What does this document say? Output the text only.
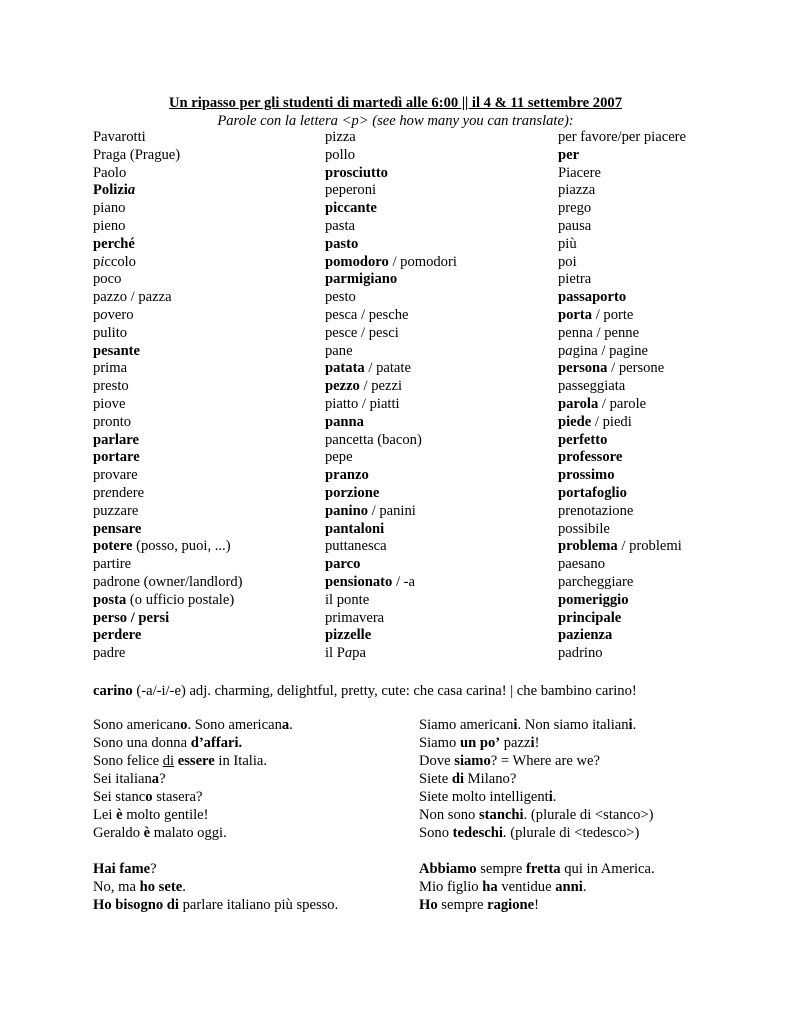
Un ripasso per gli studenti di martedì alle 6:00 || il 4 & 11 settembre 2007
Parole con la lettera <p> (see how many you can translate):
Pavarotti
Praga (Prague)
Paolo
Polizia
piano
pieno
perché
piccolo
poco
pazzo / pazza
povero
pulito
pesante
prima
presto
piove
pronto
parlare
portare
provare
prendere
puzzare
pensare
potere (posso, puoi, ...)
partire
padrone (owner/landlord)
posta (o ufficio postale)
perso / persi
perdere
padre
pizza
pollo
prosciutto
peperoni
piccante
pasta
pasto
pomodoro / pomodori
parmigiano
pesto
pesca / pesche
pesce / pesci
pane
patata / patate
pezzo / pezzi
piatto / piatti
panna
pancetta (bacon)
pepe
pranzo
porzione
panino / panini
pantaloni
puttanesca
parco
pensionato / -a
il ponte
primavera
pizzelle
il Papa
per favore/per piacere
per
Piacere
piazza
prego
pausa
più
poi
pietra
passaporto
porta / porte
penna / penne
pagina / pagine
persona / persone
passeggiata
parola / parole
piede / piedi
perfetto
professore
prossimo
portafoglio
prenotazione
possibile
problema / problemi
paesano
parcheggiare
pomeriggio
principale
pazienza
padrino
carino (-a/-i/-e) adj. charming, delightful, pretty, cute: che casa carina! | che bambino carino!
Sono americano. Sono americana.
Sono una donna d’affari.
Sono felice di essere in Italia.
Sei italiana?
Sei stanco stasera?
Lei è molto gentile!
Geraldo è malato oggi.
Siamo americani. Non siamo italiani.
Siamo un po’ pazzi!
Dove siamo? = Where are we?
Siete di Milano?
Siete molto intelligenti.
Non sono stanchi. (plurale di <stanco>)
Sono tedeschi. (plurale di <tedesco>)
Hai fame?
No, ma ho sete.
Ho bisogno di parlare italiano più spesso.
Abbiamo sempre fretta qui in America.
Mio figlio ha ventidue anni.
Ho sempre ragione!
